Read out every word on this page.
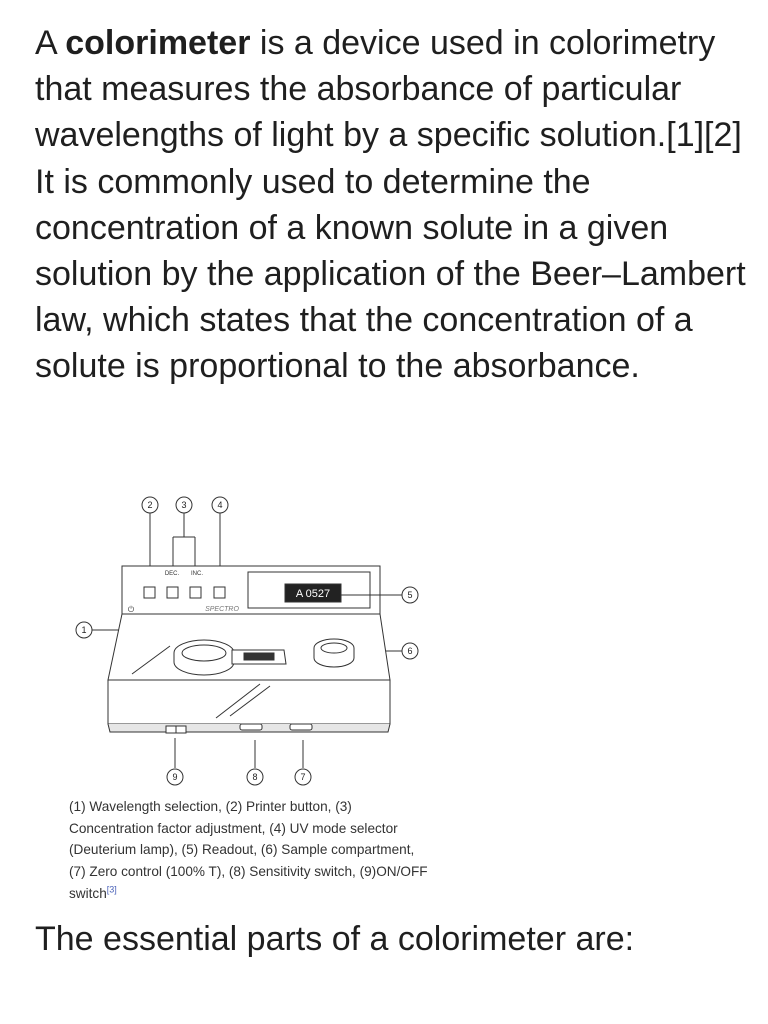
A colorimeter is a device used in colorimetry that measures the absorbance of particular wavelengths of light by a specific solution.[1][2] It is commonly used to determine the concentration of a known solute in a given solution by the application of the Beer–Lambert law, which states that the concentration of a solute is proportional to the absorbance.

2	3	4
5
1
6
9	8	7
DEC. INC.
A 0527
SPECTRO
⏻

(1) Wavelength selection, (2) Printer button, (3) Concentration factor adjustment, (4) UV mode selector (Deuterium lamp), (5) Readout, (6) Sample compartment, (7) Zero control (100% T), (8) Sensitivity switch, (9)ON/OFF switch[3]

The essential parts of a colorimeter are:
